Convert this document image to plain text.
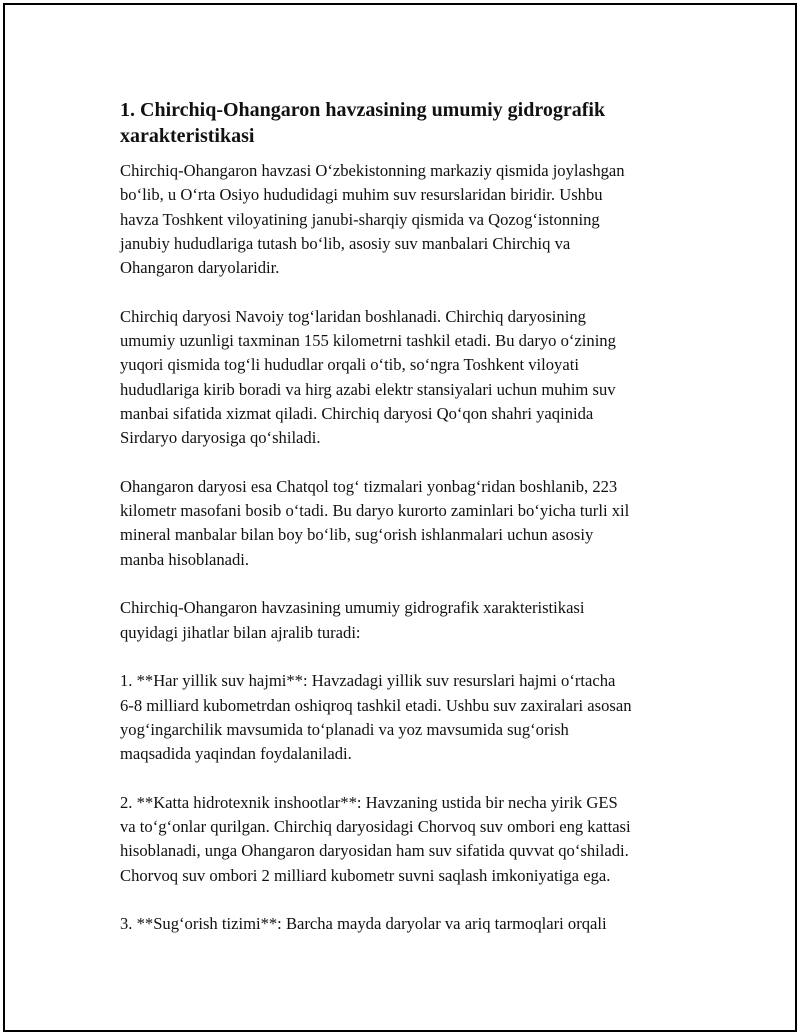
1. Chirchiq-Ohangaron havzasining umumiy gidrografik
xarakteristikasi

Chirchiq-Ohangaron havzasi O‘zbekistonning markaziy qismida joylashgan
bo‘lib, u O‘rta Osiyo hududidagi muhim suv resurslaridan biridir. Ushbu
havza Toshkent viloyatining janubi-sharqiy qismida va Qozog‘istonning
janubiy hududlariga tutash bo‘lib, asosiy suv manbalari Chirchiq va
Ohangaron daryolaridir.

Chirchiq daryosi Navoiy tog‘laridan boshlanadi. Chirchiq daryosining
umumiy uzunligi taxminan 155 kilometrni tashkil etadi. Bu daryo o‘zining
yuqori qismida tog‘li hududlar orqali o‘tib, so‘ngra Toshkent viloyati
hududlariga kirib boradi va hirg azabi elektr stansiyalari uchun muhim suv
manbai sifatida xizmat qiladi. Chirchiq daryosi Qo‘qon shahri yaqinida
Sirdaryo daryosiga qo‘shiladi.

Ohangaron daryosi esa Chatqol tog‘ tizmalari yonbag‘ridan boshlanib, 223
kilometr masofani bosib o‘tadi. Bu daryo kurorto zaminlari bo‘yicha turli xil
mineral manbalar bilan boy bo‘lib, sug‘orish ishlanmalari uchun asosiy
manba hisoblanadi.

Chirchiq-Ohangaron havzasining umumiy gidrografik xarakteristikasi
quyidagi jihatlar bilan ajralib turadi:

1. **Har yillik suv hajmi**: Havzadagi yillik suv resurslari hajmi o‘rtacha
6-8 milliard kubometrdan oshiqroq tashkil etadi. Ushbu suv zaxiralari asosan
yog‘ingarchilik mavsumida to‘planadi va yoz mavsumida sug‘orish
maqsadida yaqindan foydalaniladi.

2. **Katta hidrotexnik inshootlar**: Havzaning ustida bir necha yirik GES
va to‘g‘onlar qurilgan. Chirchiq daryosidagi Chorvoq suv ombori eng kattasi
hisoblanadi, unga Ohangaron daryosidan ham suv sifatida quvvat qo‘shiladi.
Chorvoq suv ombori 2 milliard kubometr suvni saqlash imkoniyatiga ega.

3. **Sug‘orish tizimi**: Barcha mayda daryolar va ariq tarmoqlari orqali
